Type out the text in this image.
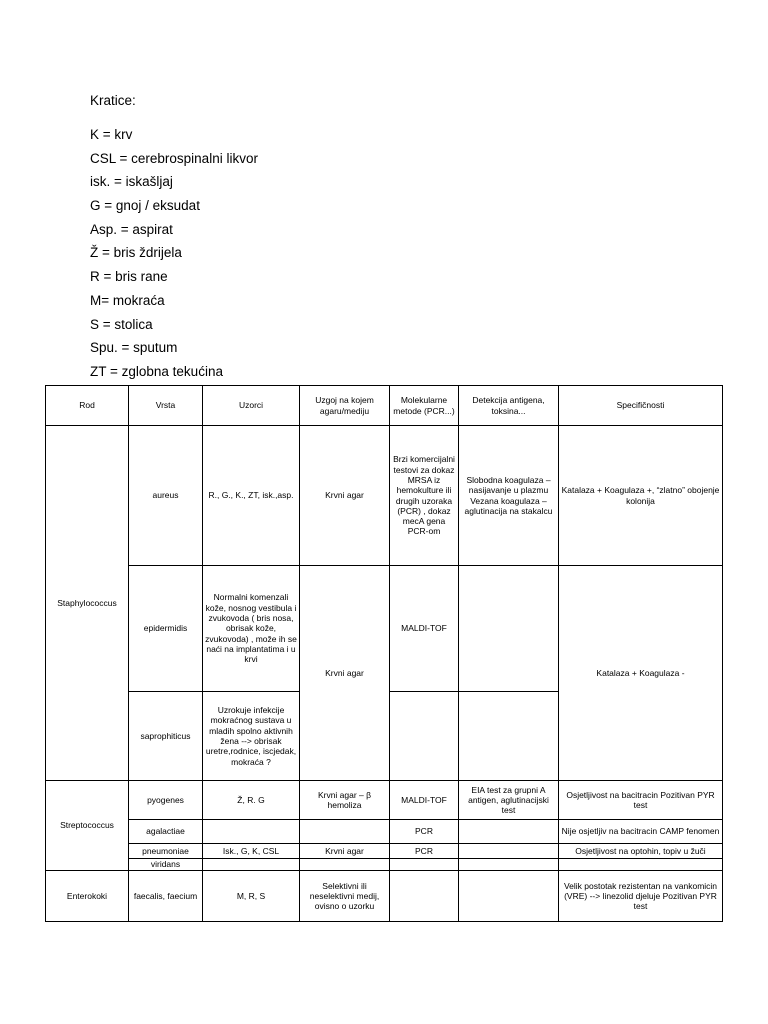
Kratice:
K = krv
CSL = cerebrospinalni likvor
isk. = iskašljaj
G = gnoj / eksudat
Asp. = aspirat
Ž = bris ždrijela
R = bris rane
M= mokraća
S = stolica
Spu. = sputum
ZT = zglobna tekućina
Rod	Vrsta	Uzorci	Uzgoj na kojem agaru/mediju	Molekularne metode (PCR...)	Detekcija antigena, toksina...	Specifičnosti
Staphylococcus	aureus	R., G., K., ZT, isk.,asp.	Krvni agar	Brzi komercijalni testovi za dokaz MRSA iz hemokulture ili drugih uzoraka (PCR) , dokaz mecA gena PCR-om	Slobodna koagulaza – nasijavanje u plazmu Vezana koagulaza – aglutinacija na stakalcu	Katalaza + Koagulaza +, “zlatno” obojenje kolonija
	epidermidis	Normalni komenzali kože, nosnog vestibula i zvukovoda ( bris nosa, obrisak kože, zvukovoda) , može ih se naći na implantatima i u krvi	Krvni agar	MALDI-TOF		Katalaza + Koagulaza -
	saprophiticus	Uzrokuje infekcije mokraćnog sustava u mladih spolno aktivnih žena --> obrisak uretre,rodnice, iscjedak, mokraća ?				
Streptococcus	pyogenes	Ž, R. G	Krvni agar – β hemoliza	MALDI-TOF	EIA test za grupni A antigen, aglutinacijski test	Osjetljivost na bacitracin Pozitivan PYR test
	agalactiae			PCR		Nije osjetljiv na bacitracin CAMP fenomen
	pneumoniae	Isk., G, K, CSL	Krvni agar	PCR		Osjetljivost na optohin, topiv u žuči
	viridans					
Enterokoki	faecalis, faecium	M, R, S	Selektivni ili neselektivni medij, ovisno o uzorku			Velik postotak rezistentan na vankomicin (VRE) --> linezolid djeluje Pozitivan PYR test
